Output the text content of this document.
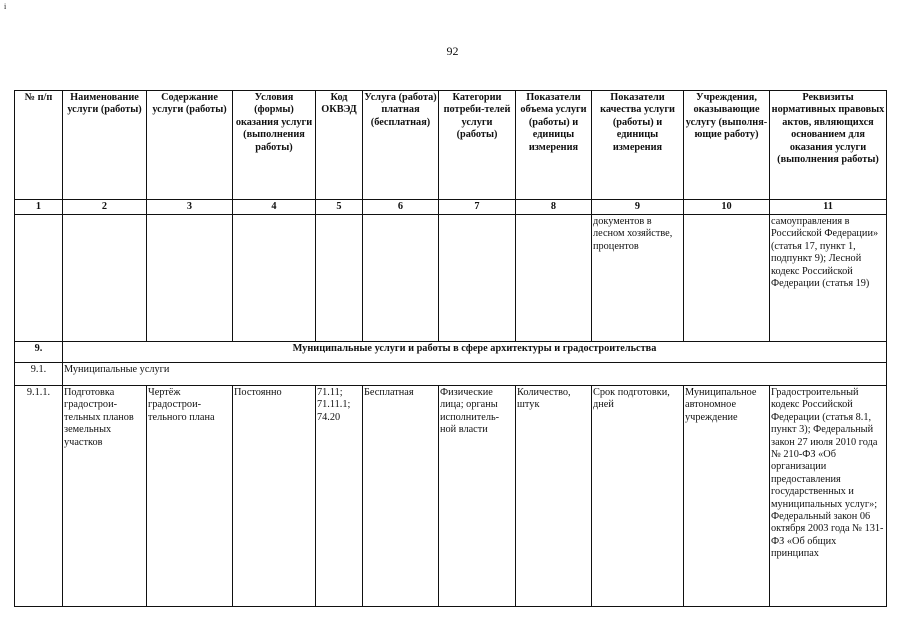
і
92
№ п/п	Наименование услуги (работы)	Содержание услуги (работы)	Условия (формы) оказания услуги (выполнения работы)	Код ОКВЭД	Услуга (работа) платная (бесплатная)	Категории потреби-телей услуги (работы)	Показатели объема услуги (работы) и единицы измерения	Показатели качества услуги (работы) и единицы измерения	Учреждения, оказывающие услугу (выполня-ющие работу)	Реквизиты нормативных правовых актов, являющихся основанием для оказания услуги (выполнения работы)
1	2	3	4	5	6	7	8	9	10	11
								документов в лесном хозяйстве, процентов		самоуправления в Российской Федерации» (статья 17, пункт 1, подпункт 9); Лесной кодекс Российской Федерации (статья 19)
9.	Муниципальные услуги и работы в сфере архитектуры и градостроительства									
9.1.	Муниципальные услуги									
9.1.1.	Подготовка градострои-тельных планов земельных участков	Чертёж градострои-тельного плана	Постоянно	71.11; 71.11.1; 74.20	Бесплатная	Физические лица; органы исполнитель-ной власти	Количество, штук	Срок подготовки, дней	Муниципальное автономное учреждение	Градостроительный кодекс Российской Федерации (статья 8.1, пункт 3); Федеральный закон 27 июля 2010 года № 210-ФЗ «Об организации предоставления государственных и муниципальных услуг»; Федеральный закон 06 октября 2003 года № 131-ФЗ «Об общих принципах
